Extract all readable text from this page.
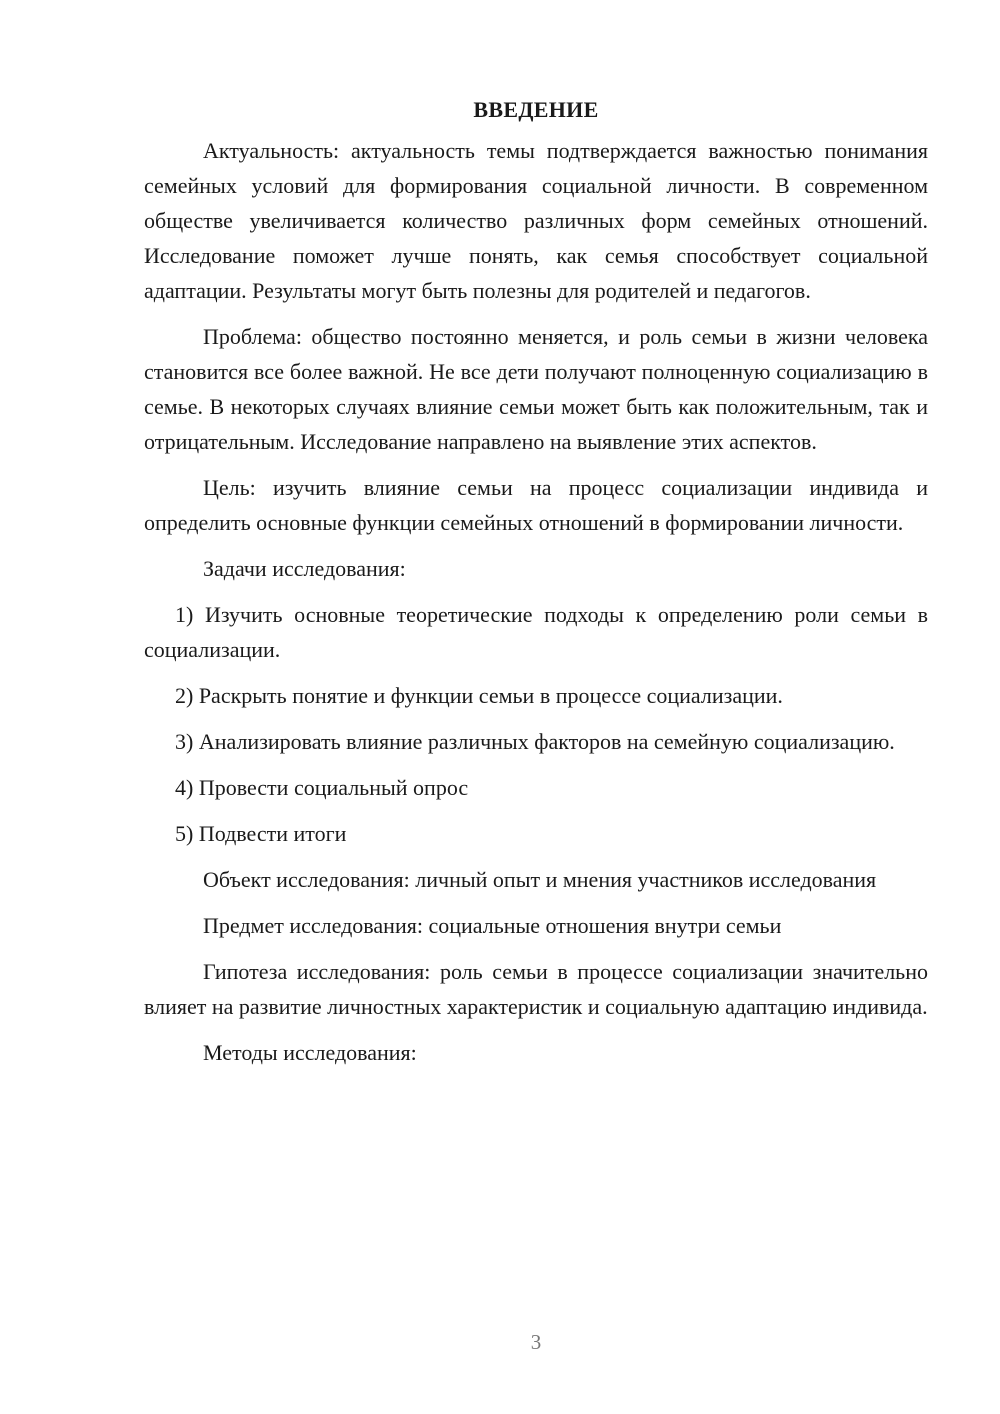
ВВЕДЕНИЕ

Актуальность: актуальность темы подтверждается важностью понимания семейных условий для формирования социальной личности. В современном обществе увеличивается количество различных форм семейных отношений. Исследование поможет лучше понять, как семья способствует социальной адаптации. Результаты могут быть полезны для родителей и педагогов.

Проблема: общество постоянно меняется, и роль семьи в жизни человека становится все более важной. Не все дети получают полноценную социализацию в семье. В некоторых случаях влияние семьи может быть как положительным, так и отрицательным. Исследование направлено на выявление этих аспектов.

Цель: изучить влияние семьи на процесс социализации индивида и определить основные функции семейных отношений в формировании личности.

Задачи исследования:

1) Изучить основные теоретические подходы к определению роли семьи в социализации.

2) Раскрыть понятие и функции семьи в процессе социализации.

3) Анализировать влияние различных факторов на семейную социализацию.

4) Провести социальный опрос

5) Подвести итоги

Объект исследования: личный опыт и мнения участников исследования

Предмет исследования: социальные отношения внутри семьи

Гипотеза исследования: роль семьи в процессе социализации значительно влияет на развитие личностных характеристик и социальную адаптацию индивида.

Методы исследования:

3
